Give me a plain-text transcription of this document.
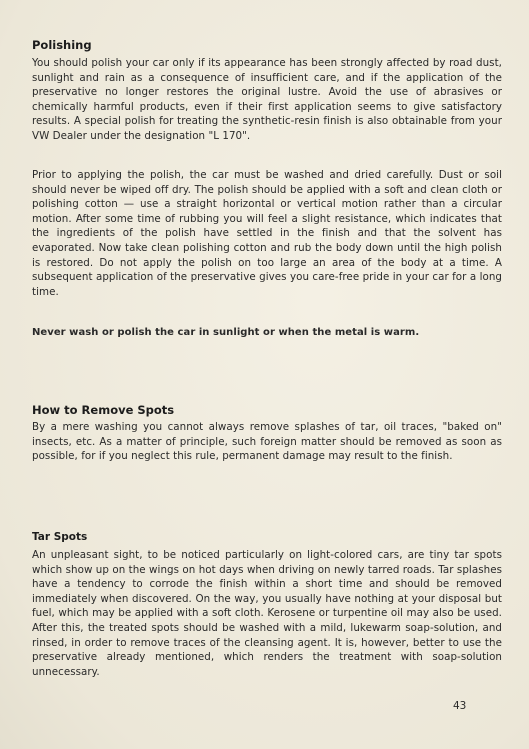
Polishing

You should polish your car only if its appearance has been strongly affected by road dust, sunlight and rain as a consequence of insufficient care, and if the application of the preservative no longer restores the original lustre. Avoid the use of abrasives or chemically harmful products, even if their first application seems to give satisfactory results. A special polish for treating the synthetic-resin finish is also obtainable from your VW Dealer under the designation "L 170".

Prior to applying the polish, the car must be washed and dried carefully. Dust or soil should never be wiped off dry. The polish should be applied with a soft and clean cloth or polishing cotton — use a straight horizontal or vertical motion rather than a circular motion. After some time of rubbing you will feel a slight resistance, which indicates that the ingredients of the polish have settled in the finish and that the solvent has evaporated. Now take clean polishing cotton and rub the body down until the high polish is restored. Do not apply the polish on too large an area of the body at a time. A subsequent application of the preservative gives you care-free pride in your car for a long time.

Never wash or polish the car in sunlight or when the metal is warm.

How to Remove Spots

By a mere washing you cannot always remove splashes of tar, oil traces, "baked on" insects, etc. As a matter of principle, such foreign matter should be removed as soon as possible, for if you neglect this rule, permanent damage may result to the finish.

Tar Spots

An unpleasant sight, to be noticed particularly on light-colored cars, are tiny tar spots which show up on the wings on hot days when driving on newly tarred roads. Tar splashes have a tendency to corrode the finish within a short time and should be removed immediately when discovered. On the way, you usually have nothing at your disposal but fuel, which may be applied with a soft cloth. Kerosene or turpentine oil may also be used. After this, the treated spots should be washed with a mild, lukewarm soap-solution, and rinsed, in order to remove traces of the cleansing agent. It is, however, better to use the preservative already mentioned, which renders the treatment with soap-solution unnecessary.

43
